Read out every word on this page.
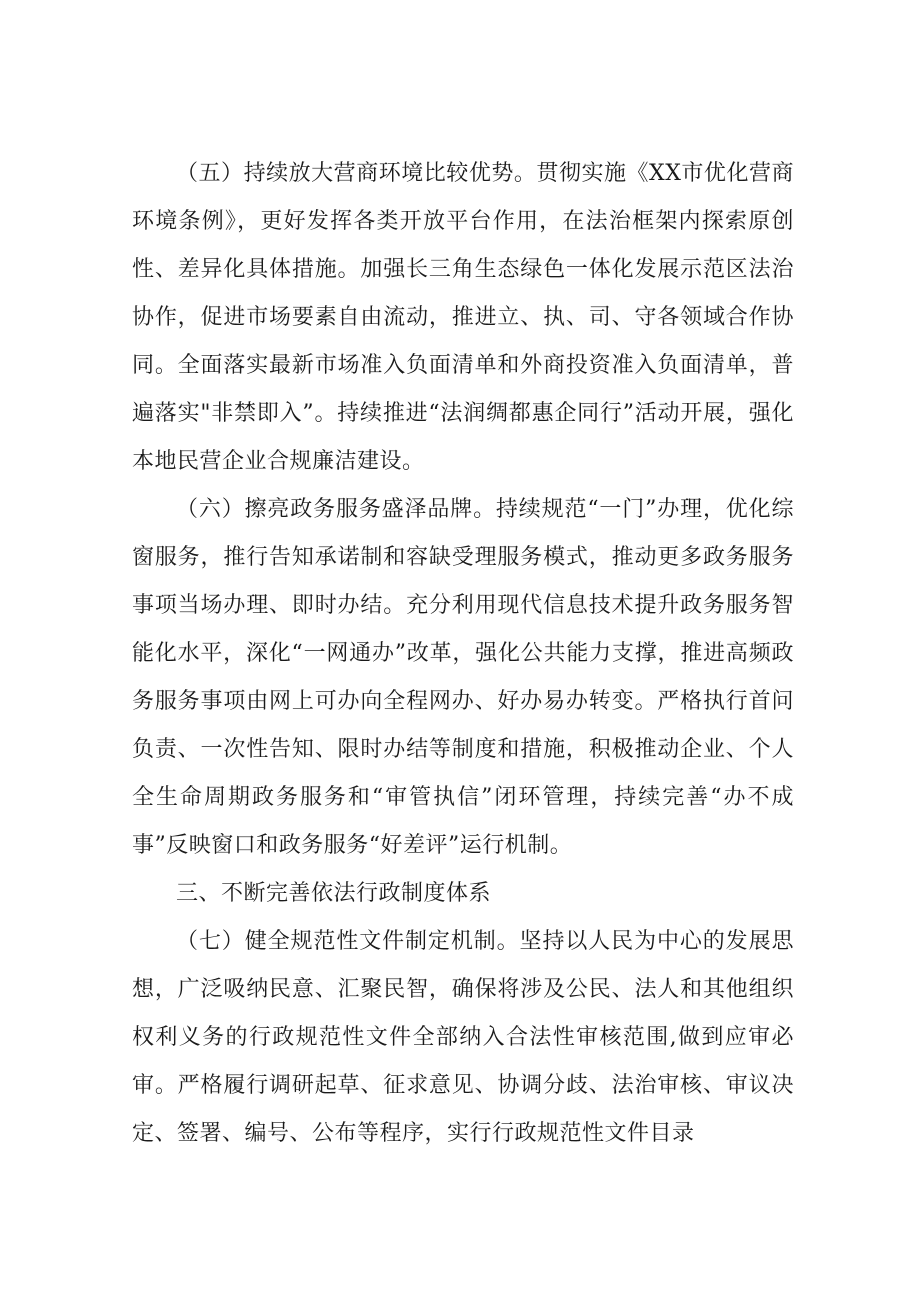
（五）持续放大营商环境比较优势。贯彻实施《XX市优化营商环境条例》，更好发挥各类开放平台作用，在法治框架内探索原创性、差异化具体措施。加强长三角生态绿色一体化发展示范区法治协作，促进市场要素自由流动，推进立、执、司、守各领域合作协同。全面落实最新市场准入负面清单和外商投资准入负面清单，普遍落实"非禁即入”。持续推进“法润绸都惠企同行”活动开展，强化本地民营企业合规廉洁建设。

（六）擦亮政务服务盛泽品牌。持续规范“一门”办理，优化综窗服务，推行告知承诺制和容缺受理服务模式，推动更多政务服务事项当场办理、即时办结。充分利用现代信息技术提升政务服务智能化水平，深化“一网通办”改革，强化公共能力支撑，推进高频政务服务事项由网上可办向全程网办、好办易办转变。严格执行首问负责、一次性告知、限时办结等制度和措施，积极推动企业、个人全生命周期政务服务和“审管执信”闭环管理，持续完善“办不成事”反映窗口和政务服务“好差评”运行机制。

三、不断完善依法行政制度体系

（七）健全规范性文件制定机制。坚持以人民为中心的发展思想，广泛吸纳民意、汇聚民智，确保将涉及公民、法人和其他组织权利义务的行政规范性文件全部纳入合法性审核范围,做到应审必审。严格履行调研起草、征求意见、协调分歧、法治审核、审议决定、签署、编号、公布等程序，实行行政规范性文件目录
